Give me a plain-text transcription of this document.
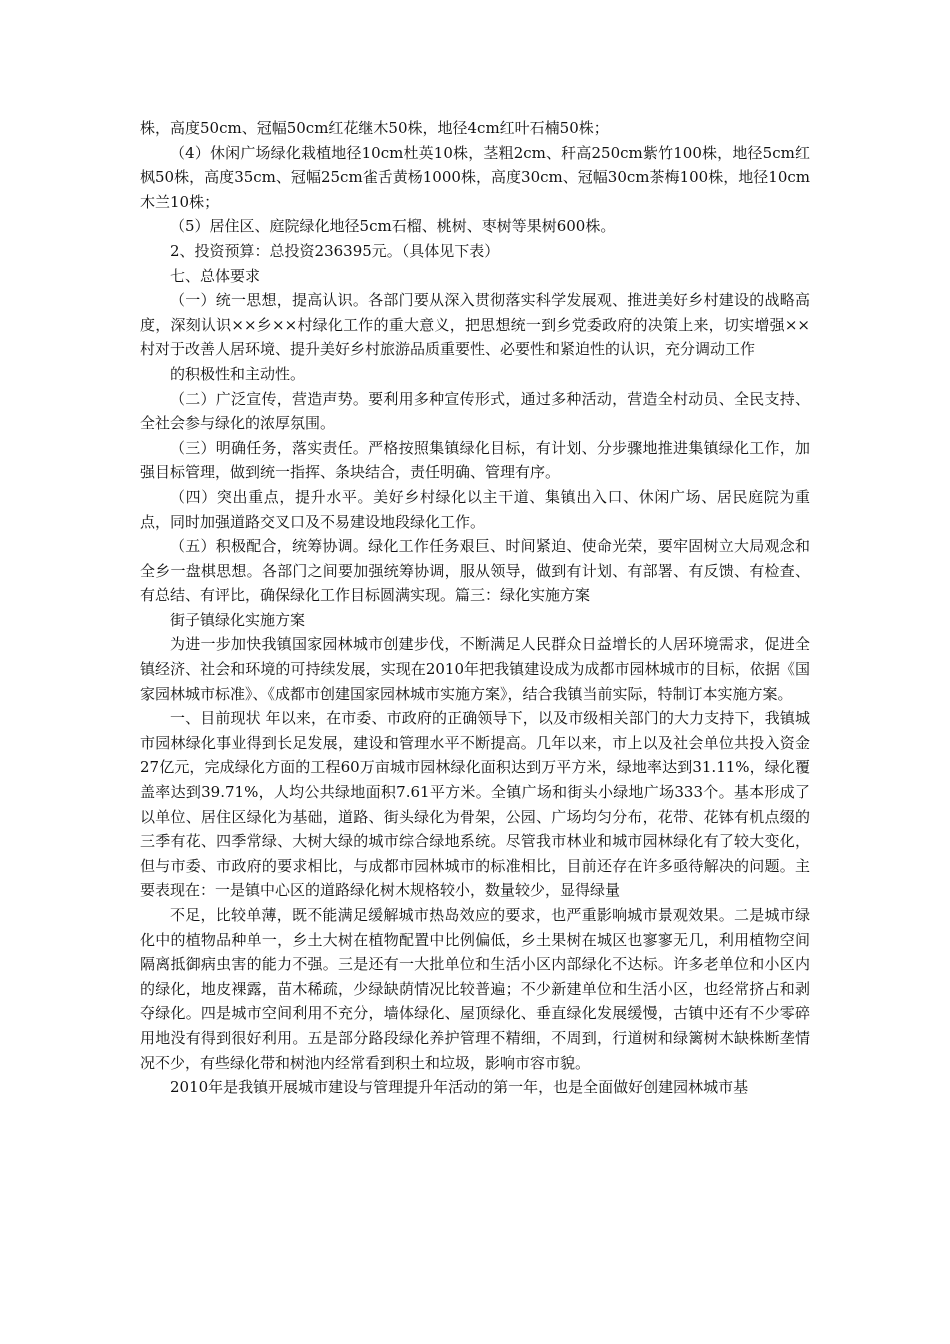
株，高度50cm、冠幅50cm红花继木50株，地径4cm红叶石楠50株；

（4）休闲广场绿化栽植地径10cm杜英10株，茎粗2cm、秆高250cm紫竹100株，地径5cm红枫50株，高度35cm、冠幅25cm雀舌黄杨1000株，高度30cm、冠幅30cm茶梅100株，地径10cm木兰10株；

（5）居住区、庭院绿化地径5cm石榴、桃树、枣树等果树600株。

2、投资预算：总投资236395元。（具体见下表）

七、总体要求

（一）统一思想，提高认识。各部门要从深入贯彻落实科学发展观、推进美好乡村建设的战略高度，深刻认识××乡××村绿化工作的重大意义，把思想统一到乡党委政府的决策上来，切实增强××村对于改善人居环境、提升美好乡村旅游品质重要性、必要性和紧迫性的认识，充分调动工作

的积极性和主动性。

（二）广泛宣传，营造声势。要利用多种宣传形式，通过多种活动，营造全村动员、全民支持、全社会参与绿化的浓厚氛围。

（三）明确任务，落实责任。严格按照集镇绿化目标，有计划、分步骤地推进集镇绿化工作，加强目标管理，做到统一指挥、条块结合，责任明确、管理有序。

（四）突出重点，提升水平。美好乡村绿化以主干道、集镇出入口、休闲广场、居民庭院为重点，同时加强道路交叉口及不易建设地段绿化工作。

（五）积极配合，统筹协调。绿化工作任务艰巨、时间紧迫、使命光荣，要牢固树立大局观念和全乡一盘棋思想。各部门之间要加强统筹协调，服从领导，做到有计划、有部署、有反馈、有检查、有总结、有评比，确保绿化工作目标圆满实现。篇三：绿化实施方案

街子镇绿化实施方案

为进一步加快我镇国家园林城市创建步伐，不断满足人民群众日益增长的人居环境需求，促进全镇经济、社会和环境的可持续发展，实现在2010年把我镇建设成为成都市园林城市的目标，依据《国家园林城市标准》、《成都市创建国家园林城市实施方案》，结合我镇当前实际，特制订本实施方案。

一、目前现状 年以来，在市委、市政府的正确领导下，以及市级相关部门的大力支持下，我镇城市园林绿化事业得到长足发展，建设和管理水平不断提高。几年以来，市上以及社会单位共投入资金27亿元，完成绿化方面的工程60万亩城市园林绿化面积达到万平方米，绿地率达到31.11%，绿化覆盖率达到39.71%，人均公共绿地面积7.61平方米。全镇广场和街头小绿地广场333个。基本形成了以单位、居住区绿化为基础，道路、街头绿化为骨架，公园、广场均匀分布，花带、花钵有机点缀的三季有花、四季常绿、大树大绿的城市综合绿地系统。尽管我市林业和城市园林绿化有了较大变化，但与市委、市政府的要求相比，与成都市园林城市的标准相比，目前还存在许多亟待解决的问题。主要表现在：一是镇中心区的道路绿化树木规格较小，数量较少，显得绿量

不足，比较单薄，既不能满足缓解城市热岛效应的要求，也严重影响城市景观效果。二是城市绿化中的植物品种单一，乡土大树在植物配置中比例偏低，乡土果树在城区也寥寥无几，利用植物空间隔离抵御病虫害的能力不强。三是还有一大批单位和生活小区内部绿化不达标。许多老单位和小区内的绿化，地皮裸露，苗木稀疏，少绿缺荫情况比较普遍；不少新建单位和生活小区，也经常挤占和剥夺绿化。四是城市空间利用不充分，墙体绿化、屋顶绿化、垂直绿化发展缓慢，古镇中还有不少零碎用地没有得到很好利用。五是部分路段绿化养护管理不精细，不周到，行道树和绿篱树木缺株断垄情况不少，有些绿化带和树池内经常看到积土和垃圾，影响市容市貌。

2010年是我镇开展城市建设与管理提升年活动的第一年，也是全面做好创建园林城市基
